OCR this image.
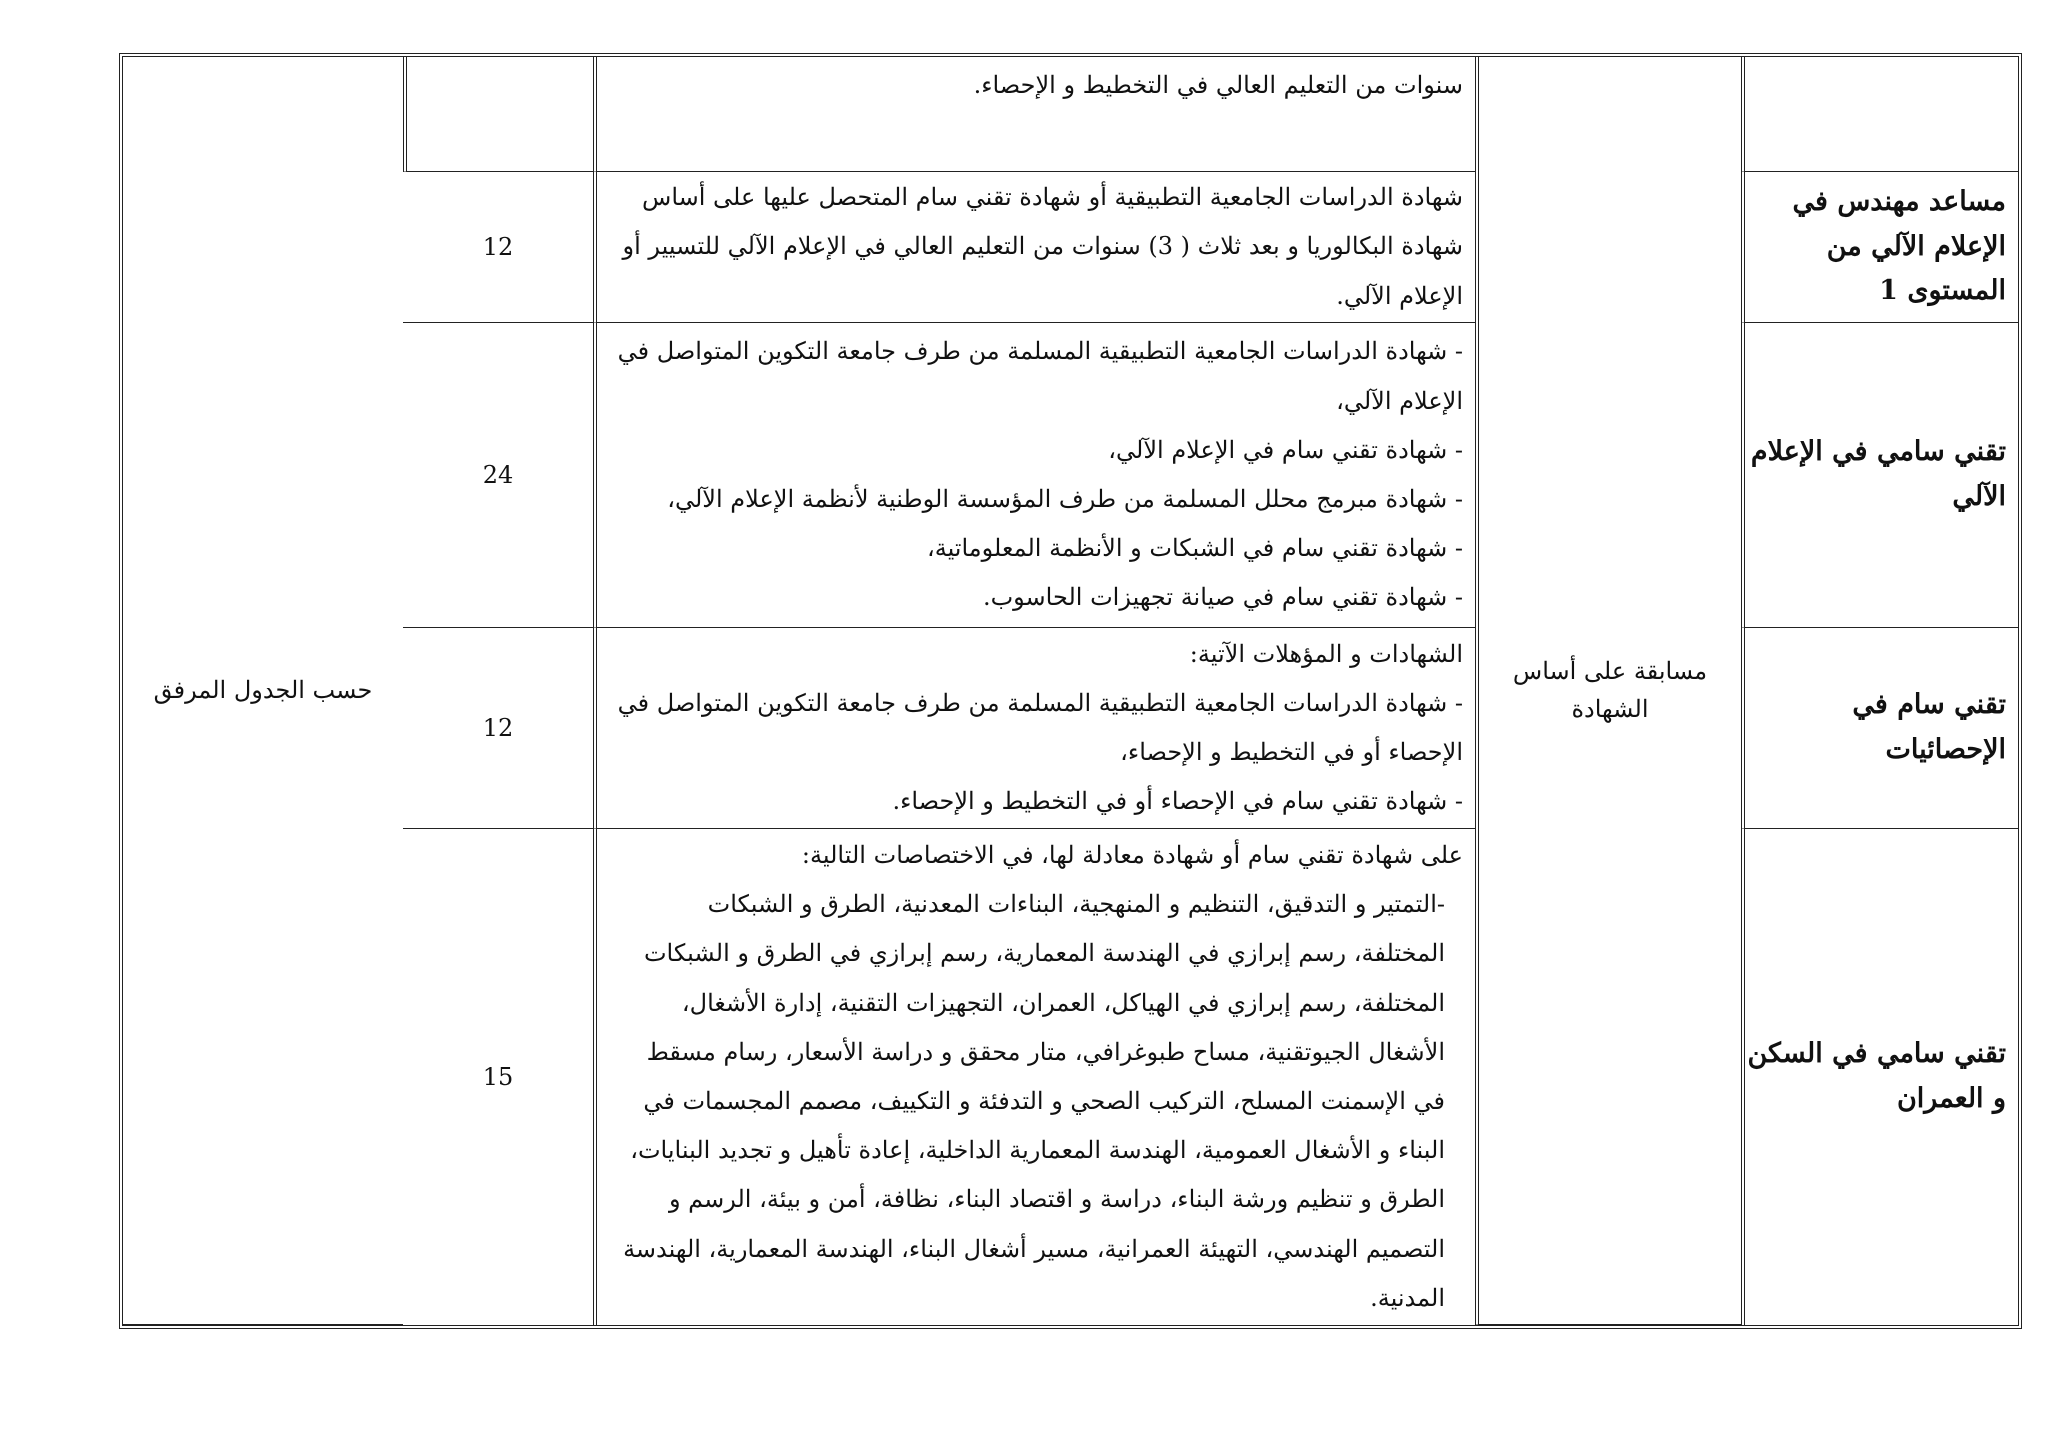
	مسابقة على أساس الشهادة	سنوات من التعليم العالي في التخطيط و الإحصاء.		حسب الجدول المرفق
مساعد مهندس في الإعلام الآلي من المستوى 1		شهادة الدراسات الجامعية التطبيقية أو شهادة تقني سام المتحصل عليها على أساس شهادة البكالوريا و بعد ثلاث ( 3) سنوات من التعليم العالي في الإعلام الآلي للتسيير أو الإعلام الآلي.	12	
تقني سامي في الإعلام الآلي		- شهادة الدراسات الجامعية التطبيقية المسلمة من طرف جامعة التكوين المتواصل في الإعلام الآلي،
- شهادة تقني سام في الإعلام الآلي،
- شهادة مبرمج محلل المسلمة من طرف المؤسسة الوطنية لأنظمة الإعلام الآلي،
- شهادة تقني سام في الشبكات و الأنظمة المعلوماتية،
- شهادة تقني سام في صيانة تجهيزات الحاسوب.	24	
تقني سام في الإحصائيات		الشهادات و المؤهلات الآتية:
- شهادة الدراسات الجامعية التطبيقية المسلمة من طرف جامعة التكوين المتواصل في الإحصاء أو في التخطيط و الإحصاء،
- شهادة تقني سام في الإحصاء أو في التخطيط و الإحصاء.	12	
تقني سامي في السكن و العمران		على شهادة تقني سام أو شهادة معادلة لها، في الاختصاصات التالية:
-التمتير و التدقيق، التنظيم و المنهجية، البناءات المعدنية، الطرق و الشبكات المختلفة، رسم إبرازي في الهندسة المعمارية، رسم إبرازي في الطرق و الشبكات المختلفة، رسم إبرازي في الهياكل، العمران، التجهيزات التقنية، إدارة الأشغال، الأشغال الجيوتقنية، مساح طبوغرافي، متار محقق و دراسة الأسعار، رسام مسقط في الإسمنت المسلح، التركيب الصحي و التدفئة و التكييف، مصمم المجسمات في البناء و الأشغال العمومية، الهندسة المعمارية الداخلية، إعادة تأهيل و تجديد البنايات، الطرق و تنظيم ورشة البناء، دراسة و اقتصاد البناء، نظافة، أمن و بيئة، الرسم و التصميم الهندسي، التهيئة العمرانية، مسير أشغال البناء، الهندسة المعمارية، الهندسة المدنية.	15	
